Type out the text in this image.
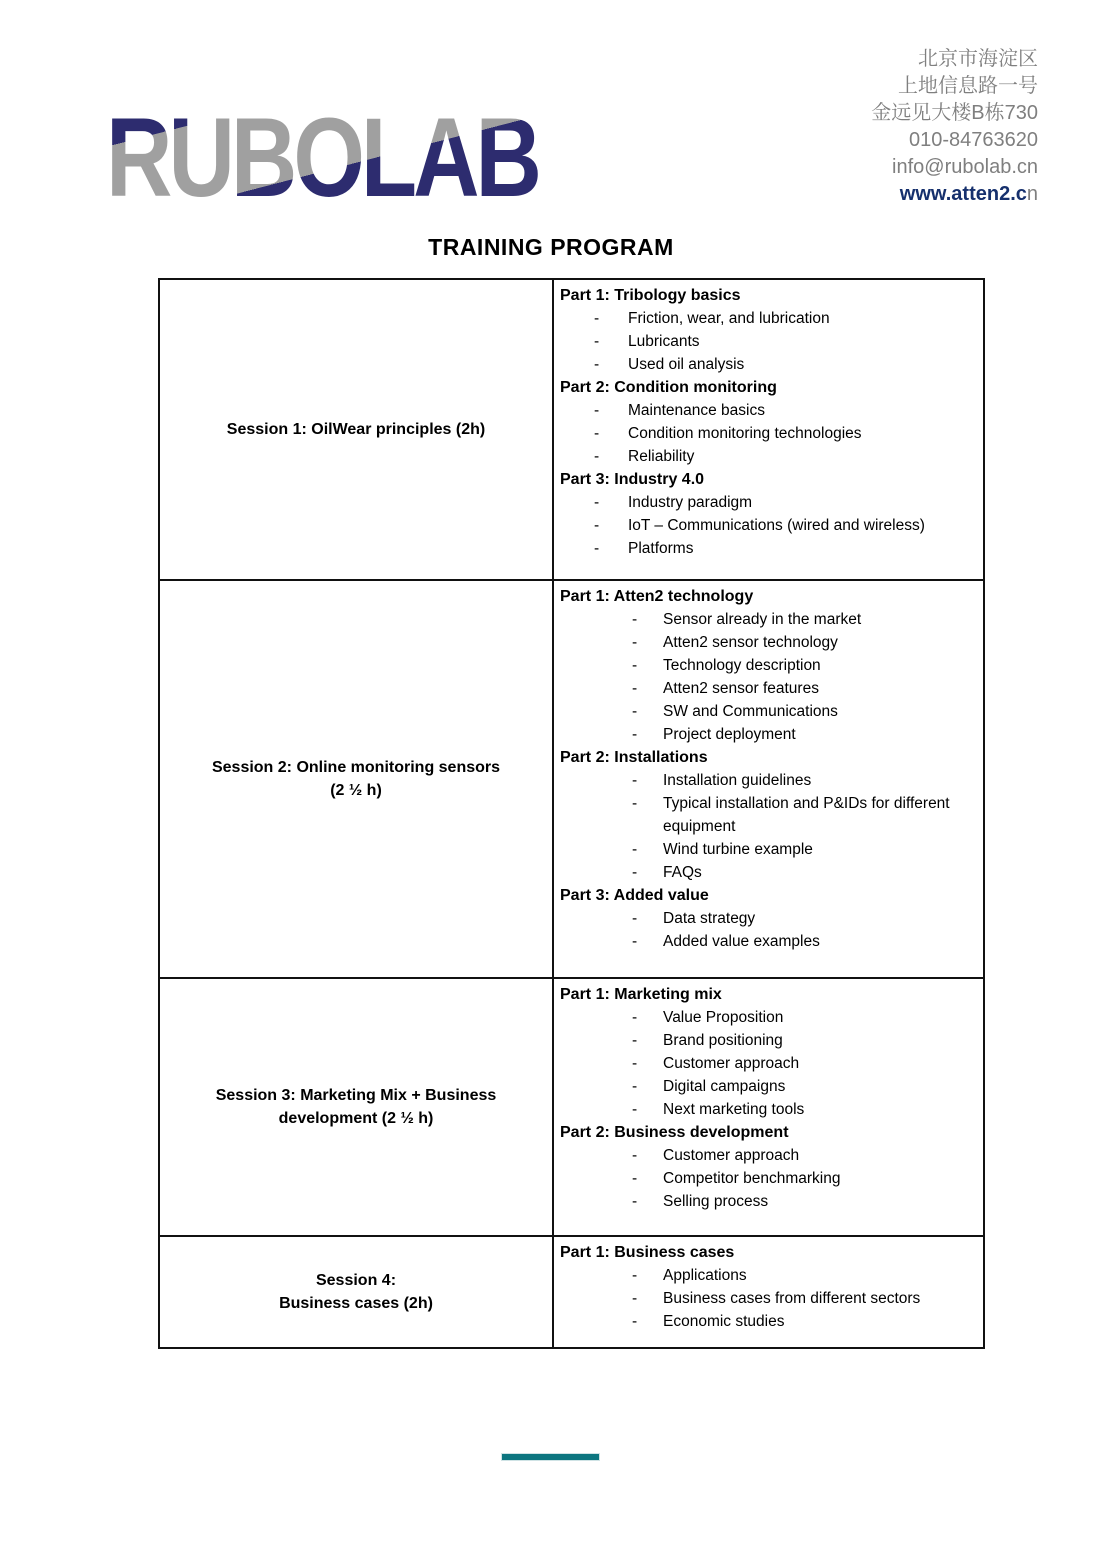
RUBOLAB
北京市海淀区
上地信息路一号
金远见大楼B栋730
010-84763620
info@rubolab.cn
www.atten2.cn
TRAINING PROGRAM
Session 1: OilWear principles (2h)
Part 1: Tribology basics
- Friction, wear, and lubrication
- Lubricants
- Used oil analysis
Part 2: Condition monitoring
- Maintenance basics
- Condition monitoring technologies
- Reliability
Part 3: Industry 4.0
- Industry paradigm
- IoT – Communications (wired and wireless)
- Platforms
Session 2: Online monitoring sensors
(2 ½ h)
Part 1: Atten2 technology
- Sensor already in the market
- Atten2 sensor technology
- Technology description
- Atten2 sensor features
- SW and Communications
- Project deployment
Part 2: Installations
- Installation guidelines
- Typical installation and P&IDs for different equipment
- Wind turbine example
- FAQs
Part 3: Added value
- Data strategy
- Added value examples
Session 3: Marketing Mix + Business
development (2 ½ h)
Part 1: Marketing mix
- Value Proposition
- Brand positioning
- Customer approach
- Digital campaigns
- Next marketing tools
Part 2: Business development
- Customer approach
- Competitor benchmarking
- Selling process
Session 4:
Business cases (2h)
Part 1: Business cases
- Applications
- Business cases from different sectors
- Economic studies
